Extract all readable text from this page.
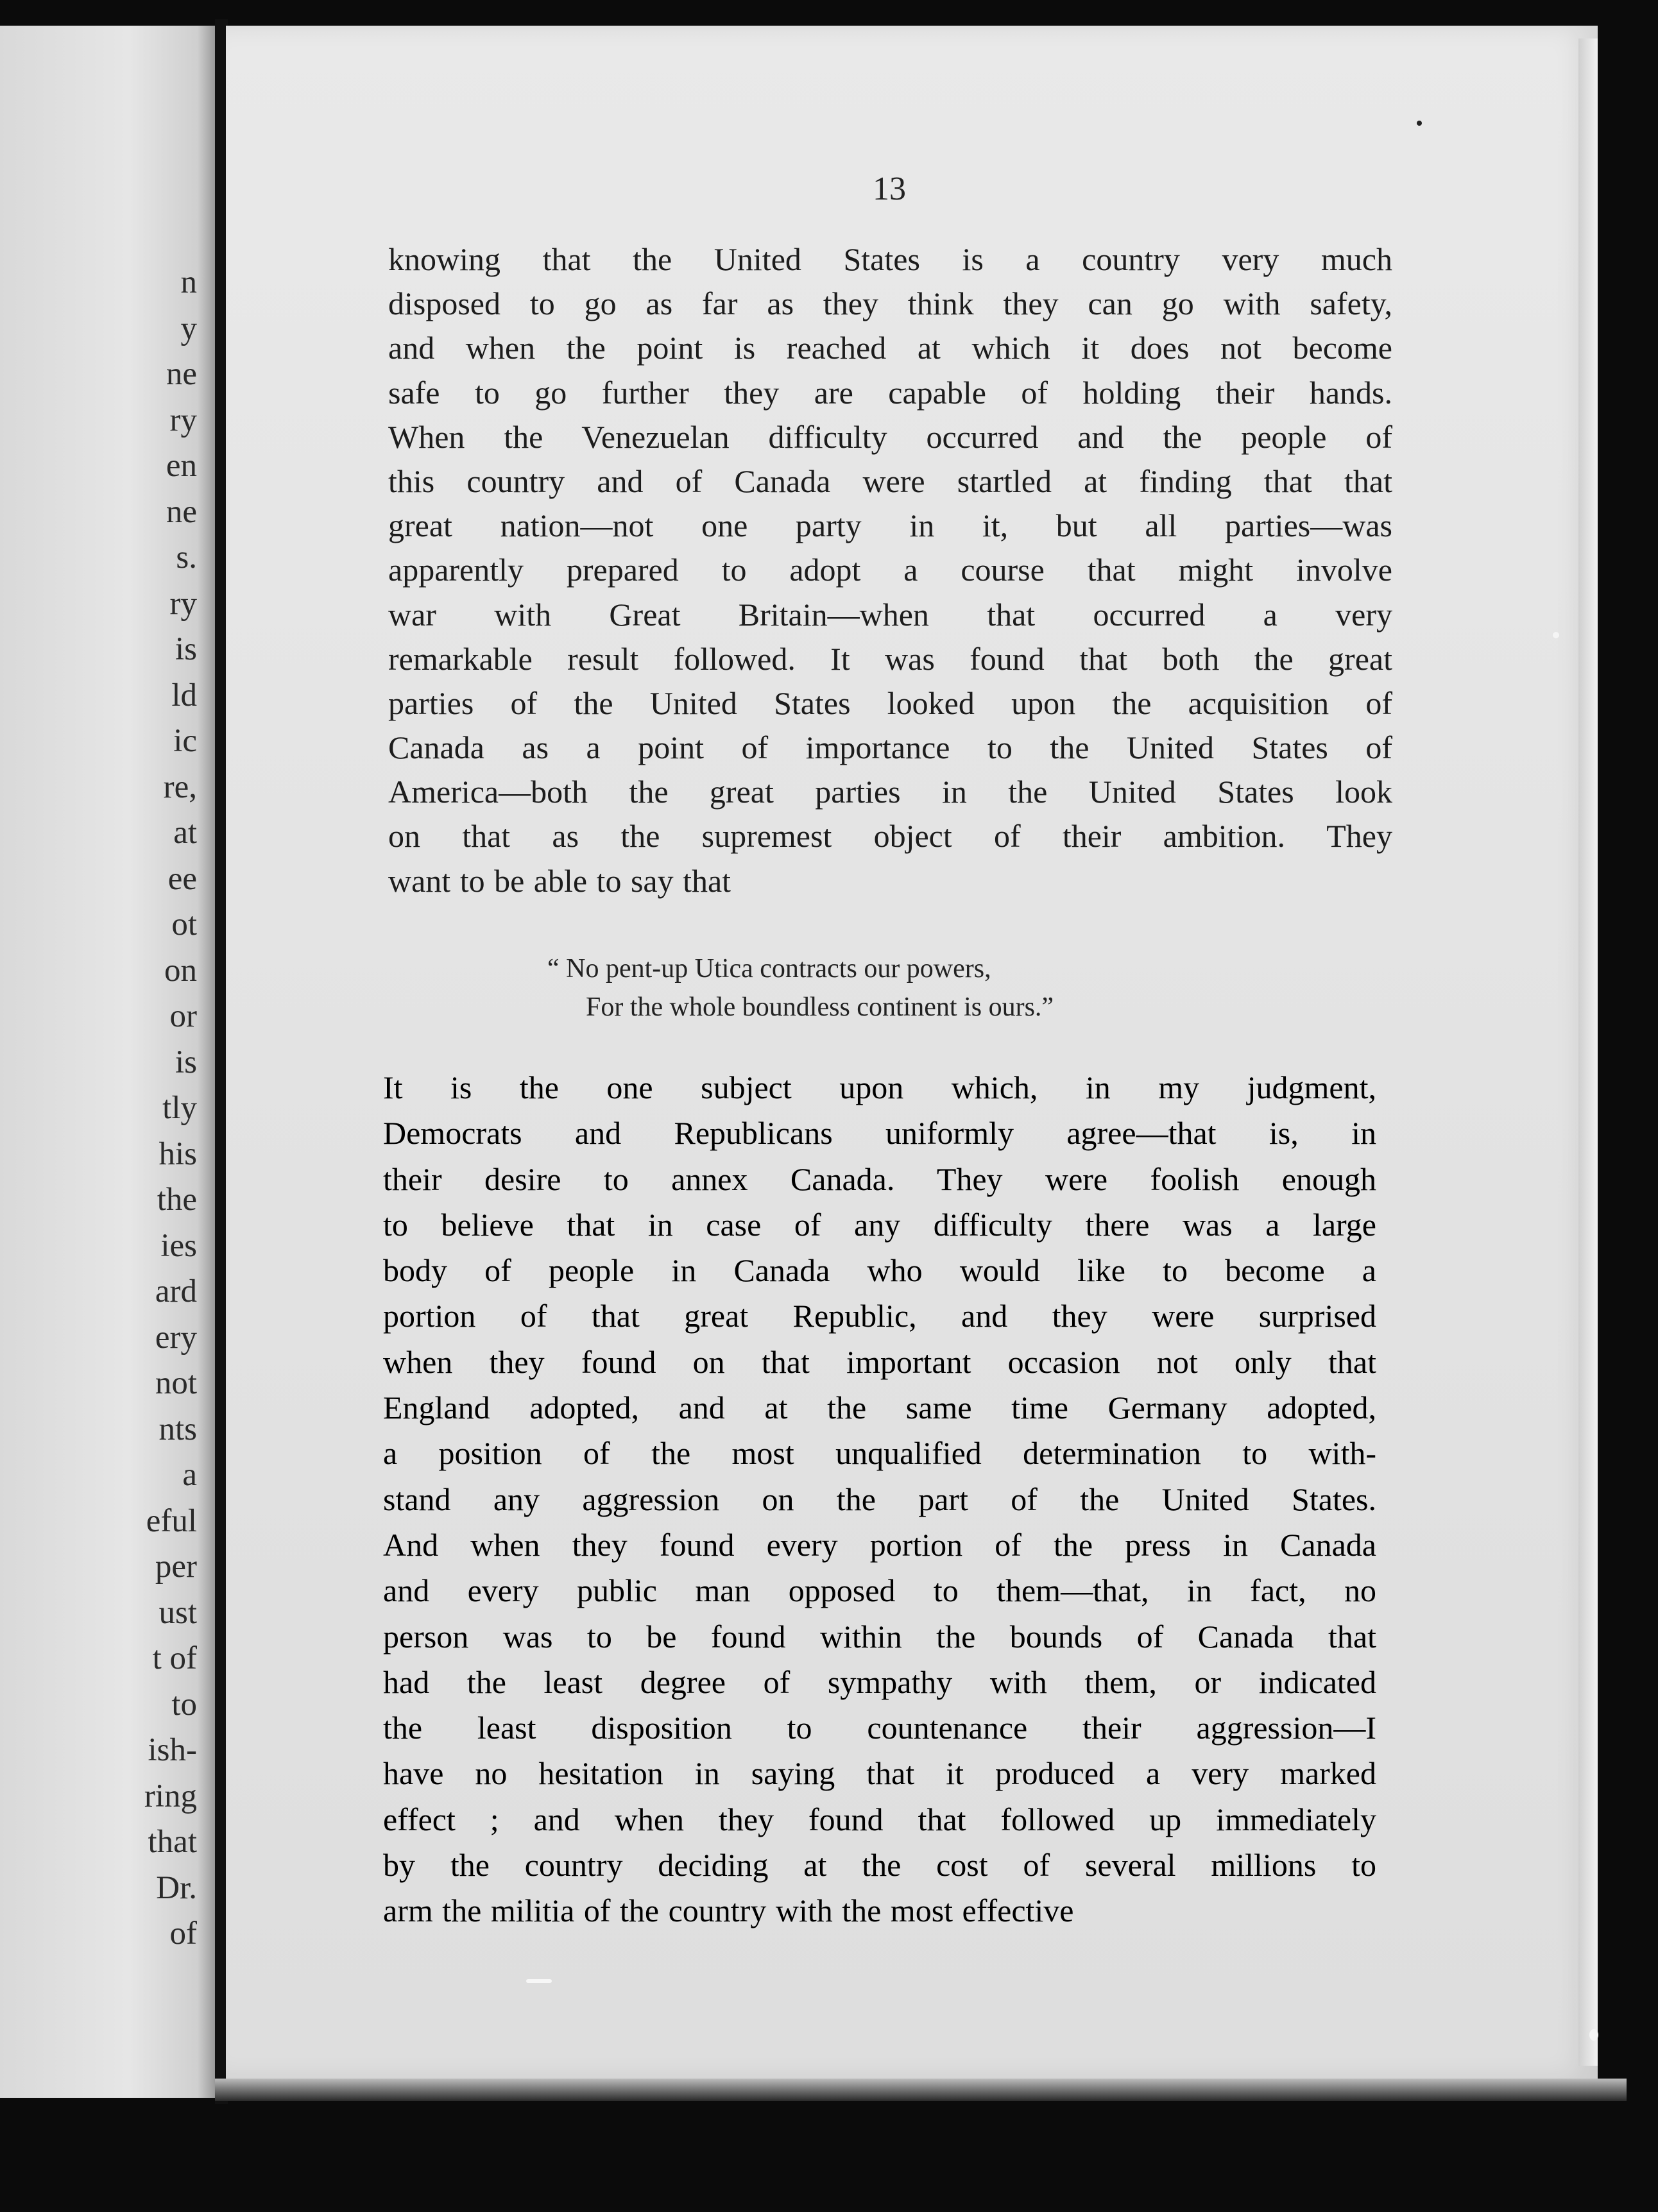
n
y
ne
ry
en
ne
s.
ry
is
ld
ic
re,
at
ee
ot
on
or
is
tly
his
the
ies
ard
ery
not
nts
a
eful
per
ust
t of
to
ish-
ring
that
Dr.
of
13
knowing that the United States is a country very much
disposed to go as far as they think they can go with safety,
and when the point is reached at which it does not become
safe to go further they are capable of holding their hands.
When the Venezuelan difficulty occurred and the people of
this country and of Canada were startled at finding that that
great nation—not one party in it, but all parties—was
apparently prepared to adopt a course that might involve
war with Great Britain—when that occurred a very
remarkable result followed. It was found that both the great
parties of the United States looked upon the acquisition of
Canada as a point of importance to the United States of
America—both the great parties in the United States look
on that as the supremest object of their ambition. They
want to be able to say that
“ No pent-up Utica contracts our powers,
For the whole boundless continent is ours.”
It is the one subject upon which, in my judgment,
Democrats and Republicans uniformly agree—that is, in
their desire to annex Canada. They were foolish enough
to believe that in case of any difficulty there was a large
body of people in Canada who would like to become a
portion of that great Republic, and they were surprised
when they found on that important occasion not only that
England adopted, and at the same time Germany adopted,
a position of the most unqualified determination to with-
stand any aggression on the part of the United States.
And when they found every portion of the press in Canada
and every public man opposed to them—that, in fact, no
person was to be found within the bounds of Canada that
had the least degree of sympathy with them, or indicated
the least disposition to countenance their aggression—I
have no hesitation in saying that it produced a very marked
effect ; and when they found that followed up immediately
by the country deciding at the cost of several millions to
arm the militia of the country with the most effective
